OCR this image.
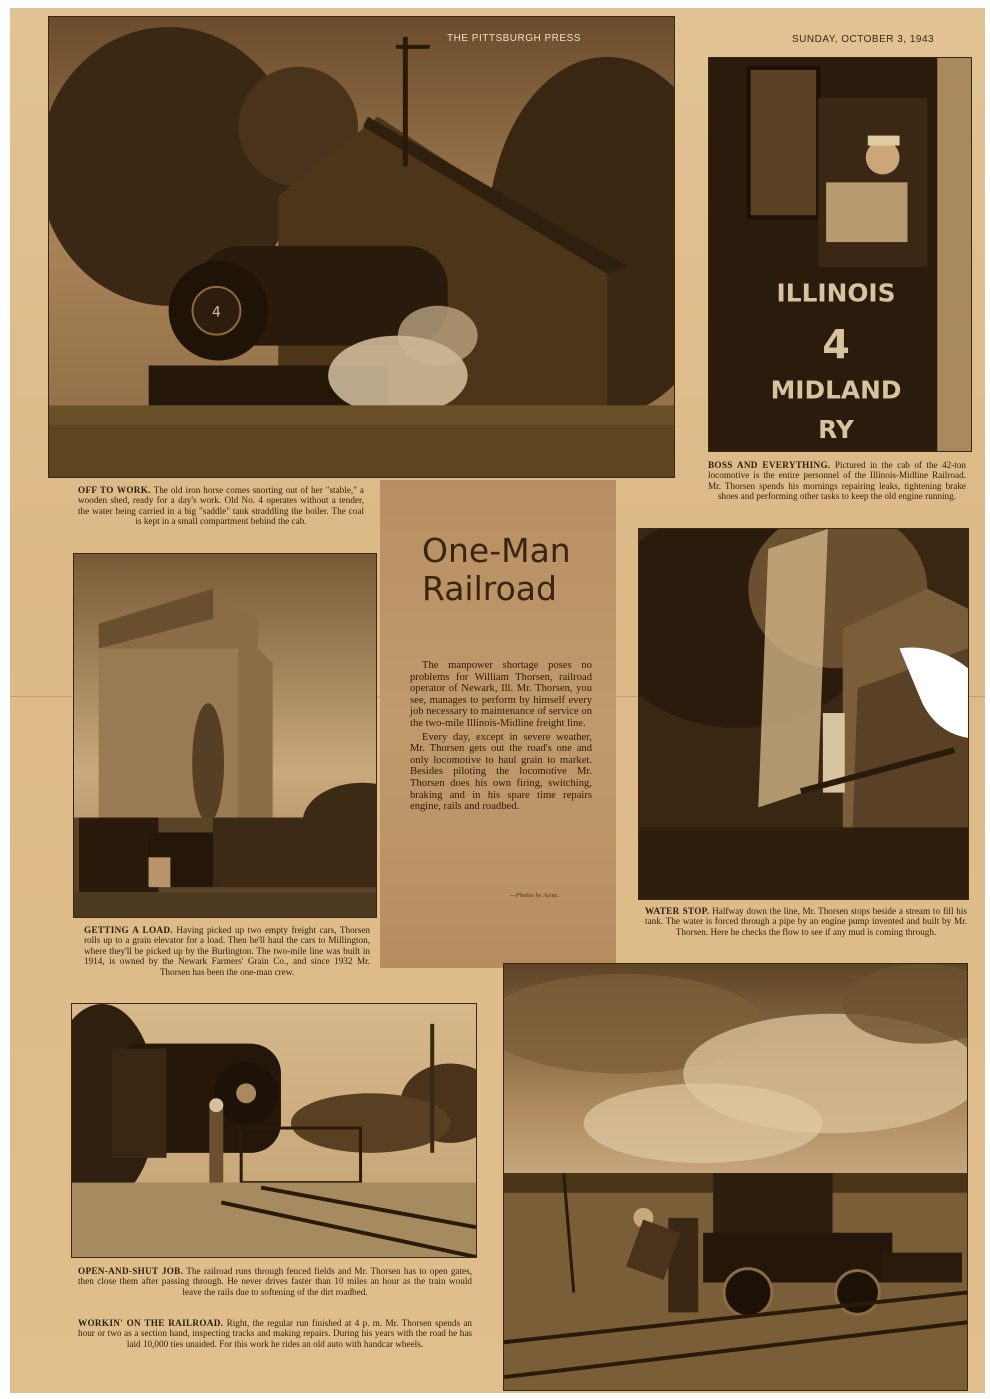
4
OFF TO WORK. The old iron horse comes snorting out of her "stable," a wooden shed, ready for a day's work. Old No. 4 operates without a tender, the water being carried in a big "saddle" tank straddling the boiler. The coal is kept in a small compartment behind the cab.
THE PITTSBURGH PRESS	SUNDAY, OCTOBER 3, 1943
ILLINOIS
4
MIDLAND
RY
BOSS AND EVERYTHING. Pictured in the cab of the 42-ton locomotive is the entire personnel of the Illinois-Midline Railroad. Mr. Thorsen spends his mornings repairing leaks, tightening brake shoes and performing other tasks to keep the old engine running.
One-Man Railroad

The manpower shortage poses no problems for William Thorsen, railroad operator of Newark, Ill. Mr. Thorsen, you see, manages to perform by himself every job necessary to maintenance of service on the two-mile Illinois-Midline freight line.

Every day, except in severe weather, Mr. Thorsen gets out the road's one and only locomotive to haul grain to market. Besides piloting the locomotive Mr. Thorsen does his own firing, switching, braking and in his spare time repairs engine, rails and roadbed.

—Photos by Acme.
GETTING A LOAD. Having picked up two empty freight cars, Thorsen rolls up to a grain elevator for a load. Then he'll haul the cars to Millington, where they'll be picked up by the Burlington. The two-mile line was built in 1914, is owned by the Newark Farmers' Grain Co., and since 1932 Mr. Thorsen has been the one-man crew.
WATER STOP. Halfway down the line, Mr. Thorsen stops beside a stream to fill his tank. The water is forced through a pipe by an engine pump invented and built by Mr. Thorsen. Here he checks the flow to see if any mud is coming through.
OPEN-AND-SHUT JOB. The railroad runs through fenced fields and Mr. Thorsen has to open gates, then close them after passing through. He never drives faster than 10 miles an hour as the train would leave the rails due to softening of the dirt roadbed.
WORKIN' ON THE RAILROAD. Right, the regular run finished at 4 p. m. Mr. Thorsen spends an hour or two as a section hand, inspecting tracks and making repairs. During his years with the road he has laid 10,000 ties unaided. For this work he rides an old auto with handcar wheels.
